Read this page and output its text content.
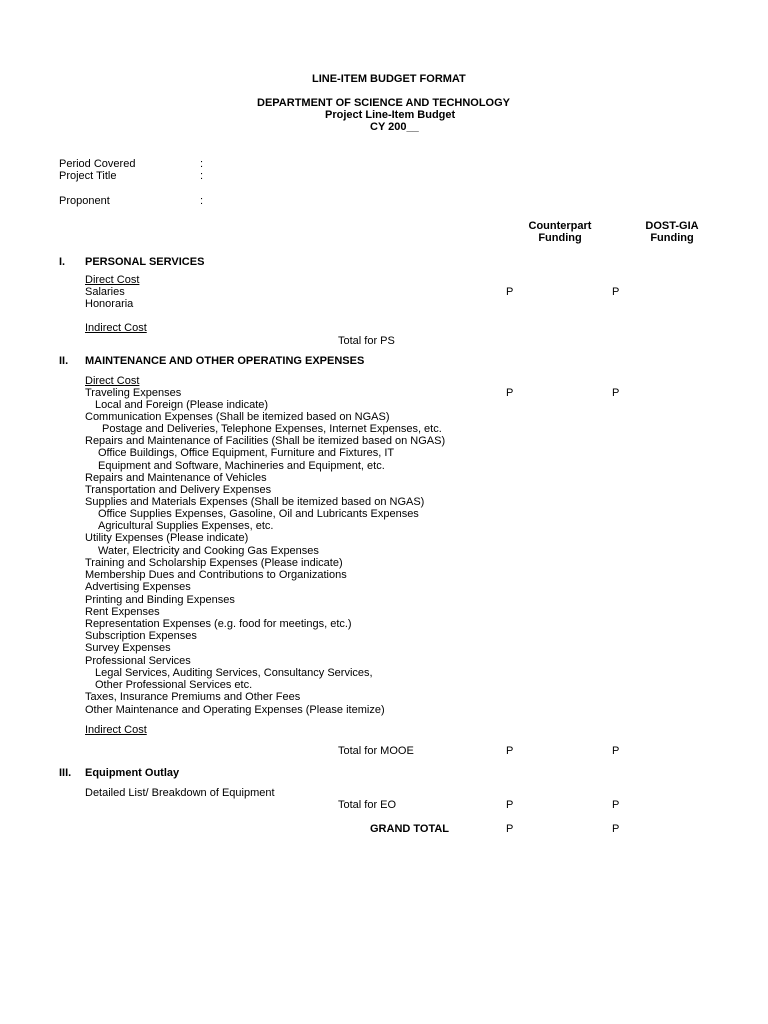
LINE-ITEM BUDGET FORMAT
DEPARTMENT OF SCIENCE AND TECHNOLOGY
Project Line-Item Budget
CY 200__
Period Covered	:
Project Title	:
Proponent	:
Counterpart
Funding
DOST-GIA
Funding
I. PERSONAL SERVICES
Direct Cost
Salaries	P	P
Honoraria
Indirect Cost
Total for PS
II. MAINTENANCE AND OTHER OPERATING EXPENSES
Direct Cost
Traveling Expenses	P	P
Local and Foreign (Please indicate)
Communication Expenses (Shall be itemized based on NGAS)
Postage and Deliveries, Telephone Expenses, Internet Expenses, etc.
Repairs and Maintenance of Facilities (Shall be itemized based on NGAS)
Office Buildings, Office Equipment, Furniture and Fixtures, IT
Equipment and Software, Machineries and Equipment, etc.
Repairs and Maintenance of Vehicles
Transportation and Delivery Expenses
Supplies and Materials Expenses (Shall be itemized based on NGAS)
Office Supplies Expenses, Gasoline, Oil and Lubricants Expenses
Agricultural Supplies Expenses, etc.
Utility Expenses (Please indicate)
Water, Electricity and Cooking Gas Expenses
Training and Scholarship Expenses (Please indicate)
Membership Dues and Contributions to Organizations
Advertising Expenses
Printing and Binding Expenses
Rent Expenses
Representation Expenses (e.g. food for meetings, etc.)
Subscription Expenses
Survey Expenses
Professional Services
Legal Services, Auditing Services, Consultancy Services,
Other Professional Services etc.
Taxes, Insurance Premiums and Other Fees
Other Maintenance and Operating Expenses (Please itemize)
Indirect Cost
Total for MOOE	P	P
III. Equipment Outlay
Detailed List/ Breakdown of Equipment
Total for EO	P	P
GRAND TOTAL	P	P
